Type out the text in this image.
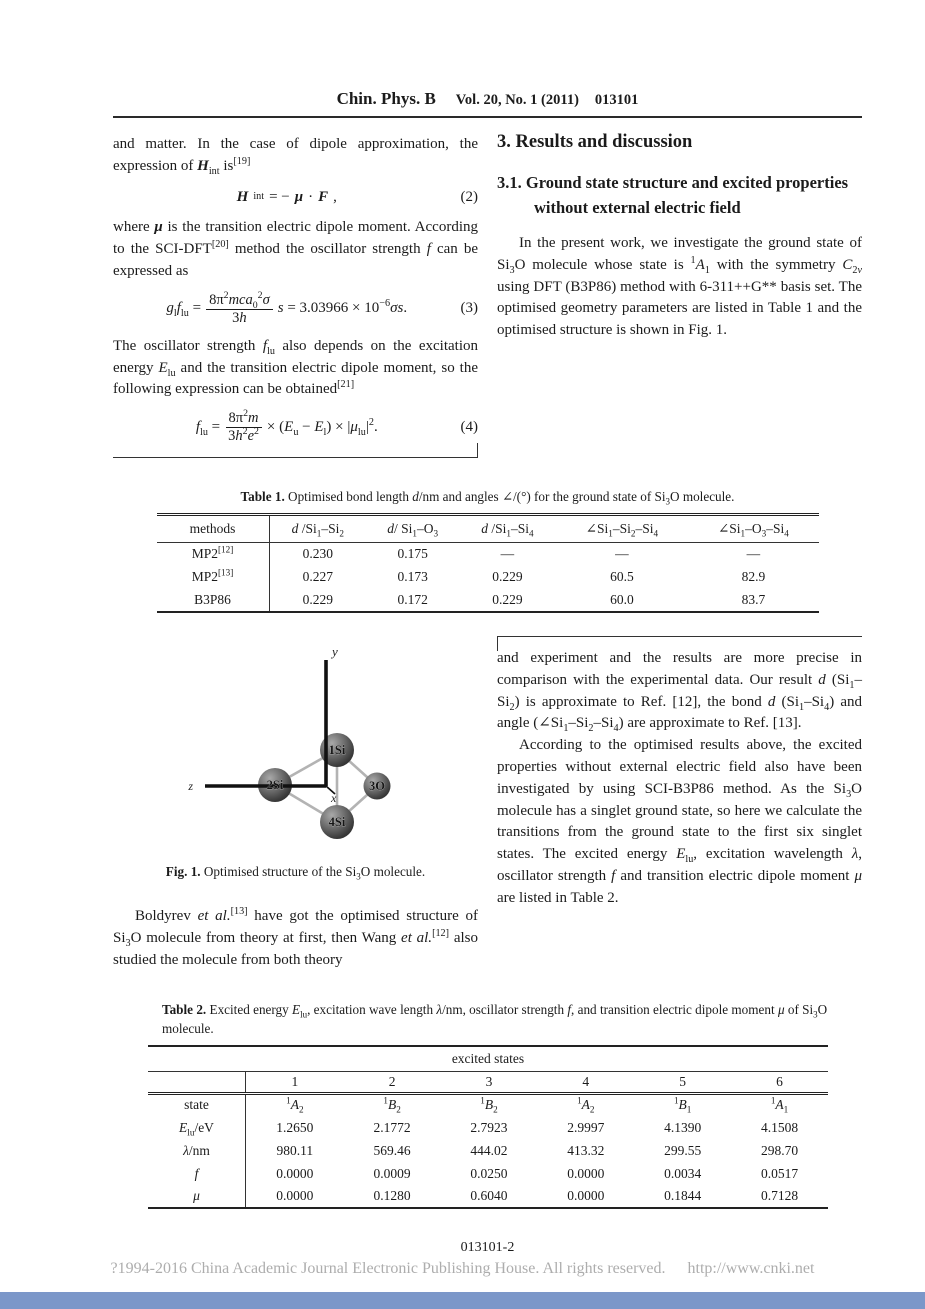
Chin. Phys. B Vol. 20, No. 1 (2011) 013101

and matter. In the case of dipole approximation, the expression of $H_{int}$ is[19]

H int = − μ · F ,	(2)

where μ is the transition electric dipole moment. According to the SCI-DFT[20] method the oscillator strength f can be expressed as

$g_lf_{lu} = \frac{8\pi^2mca_0^2\sigma}{3h}$ $s = 3.03966 \times 10^{-6}\sigma s$.	(3)

The oscillator strength $f_{lu}$ also depends on the excitation energy $E_{lu}$ and the transition electric dipole moment, so the following expression can be obtained[21]

$f_{lu} = \frac{8\pi^2m}{3h^2e^2} \times (E_u - E_l) \times |\mu_{lu}|^2$.	(4)
3. Results and discussion
3.1. Ground state structure and excited properties without external electric field

In the present work, we investigate the ground state of $Si_3O$ molecule whose state is $^1A_1$ with the symmetry $C_{2v}$ using DFT (B3P86) method with 6-311++G** basis set. The optimised geometry parameters are listed in Table 1 and the optimised structure is shown in Fig. 1.

Table 1. Optimised bond length d/nm and angles ∠/(°) for the ground state of $Si_3O$ molecule.
methods	d $/Si_1-Si_2$	d/ $Si_1-O_3$	d $/Si_1-Si_4$	$\angle Si_1-Si_2-Si_4$	$\angle Si_1-O_3-Si_4$
MP2[12]	0.230	0.175	—	—	—
MP2[13]	0.227	0.173	0.229	60.5	82.9
B3P86	0.229	0.172	0.229	60.0	83.7
y
z
x
1Si
2Si	3O
4Si
Fig. 1. Optimised structure of the $Si_3O$ molecule.

Boldyrev et al.[13] have got the optimised structure of $Si_3O$ molecule from theory at first, then Wang et al.[12] also studied the molecule from both theory

and experiment and the results are more precise in comparison with the experimental data. Our result d $(Si_1-Si_2)$ is approximate to Ref. [12], the bond d $(Si_1-Si_4)$ and angle $(\angle Si_1-Si_2-Si_4)$ are approximate to Ref. [13].

According to the optimised results above, the excited properties without external electric field also have been investigated by using SCI-B3P86 method. As the $Si_3O$ molecule has a singlet ground state, so here we calculate the transitions from the ground state to the first six singlet states. The excited energy $E_{lu}$, excitation wavelength λ, oscillator strength f and transition electric dipole moment μ are listed in Table 2.

Table 2. Excited energy $E_{lu}$, excitation wave length λ/nm, oscillator strength f, and transition electric dipole moment μ of $Si_3O$ molecule.
excited states						
	1	2	3	4	5	6
state	$^1A_2$	$^1B_2$	$^1B_2$	$^1A_2$	$^1B_1$	$^1A_1$
$E_{lu}/eV$	1.2650	2.1772	2.7923	2.9997	4.1390	4.1508
λ/nm	980.11	569.46	444.02	413.32	299.55	298.70
f	0.0000	0.0009	0.0250	0.0000	0.0034	0.0517
μ	0.0000	0.1280	0.6040	0.0000	0.1844	0.7128
013101-2
?1994-2016 China Academic Journal Electronic Publishing House. All rights reserved. http://www.cnki.net
